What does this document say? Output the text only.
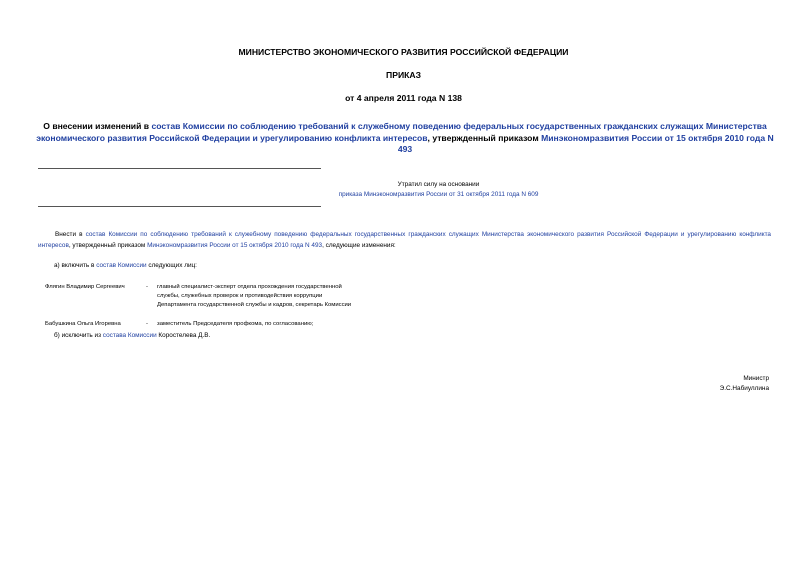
МИНИСТЕРСТВО ЭКОНОМИЧЕСКОГО РАЗВИТИЯ РОССИЙСКОЙ ФЕДЕРАЦИИ
ПРИКАЗ
от 4 апреля 2011 года N 138
О внесении изменений в состав Комиссии по соблюдению требований к служебному поведению федеральных государственных гражданских служащих Министерства экономического развития Российской Федерации и урегулированию конфликта интересов, утвержденный приказом Минэкономразвития России от 15 октября 2010 года N 493
Утратил силу на основании
приказа Минэкономразвития России от 31 октября 2011 года N 609
Внести в состав Комиссии по соблюдению требований к служебному поведению федеральных государственных гражданских служащих Министерства экономического развития Российской Федерации и урегулированию конфликта интересов, утвержденный приказом Минэкономразвития России от 15 октября 2010 года N 493, следующие изменения:
а) включить в состав Комиссии следующих лиц:
Флягин Владимир Сергеевич	- главный специалист-эксперт отдела прохождения государственной службы, служебных проверок и противодействия коррупции Департамента государственной службы и кадров, секретарь Комиссии
Бабушкина Ольга Игоревна	- заместитель Председателя профкома, по согласованию;
б) исключить из состава Комиссии Коростелева Д.В.
Министр
Э.С.Набиуллина
